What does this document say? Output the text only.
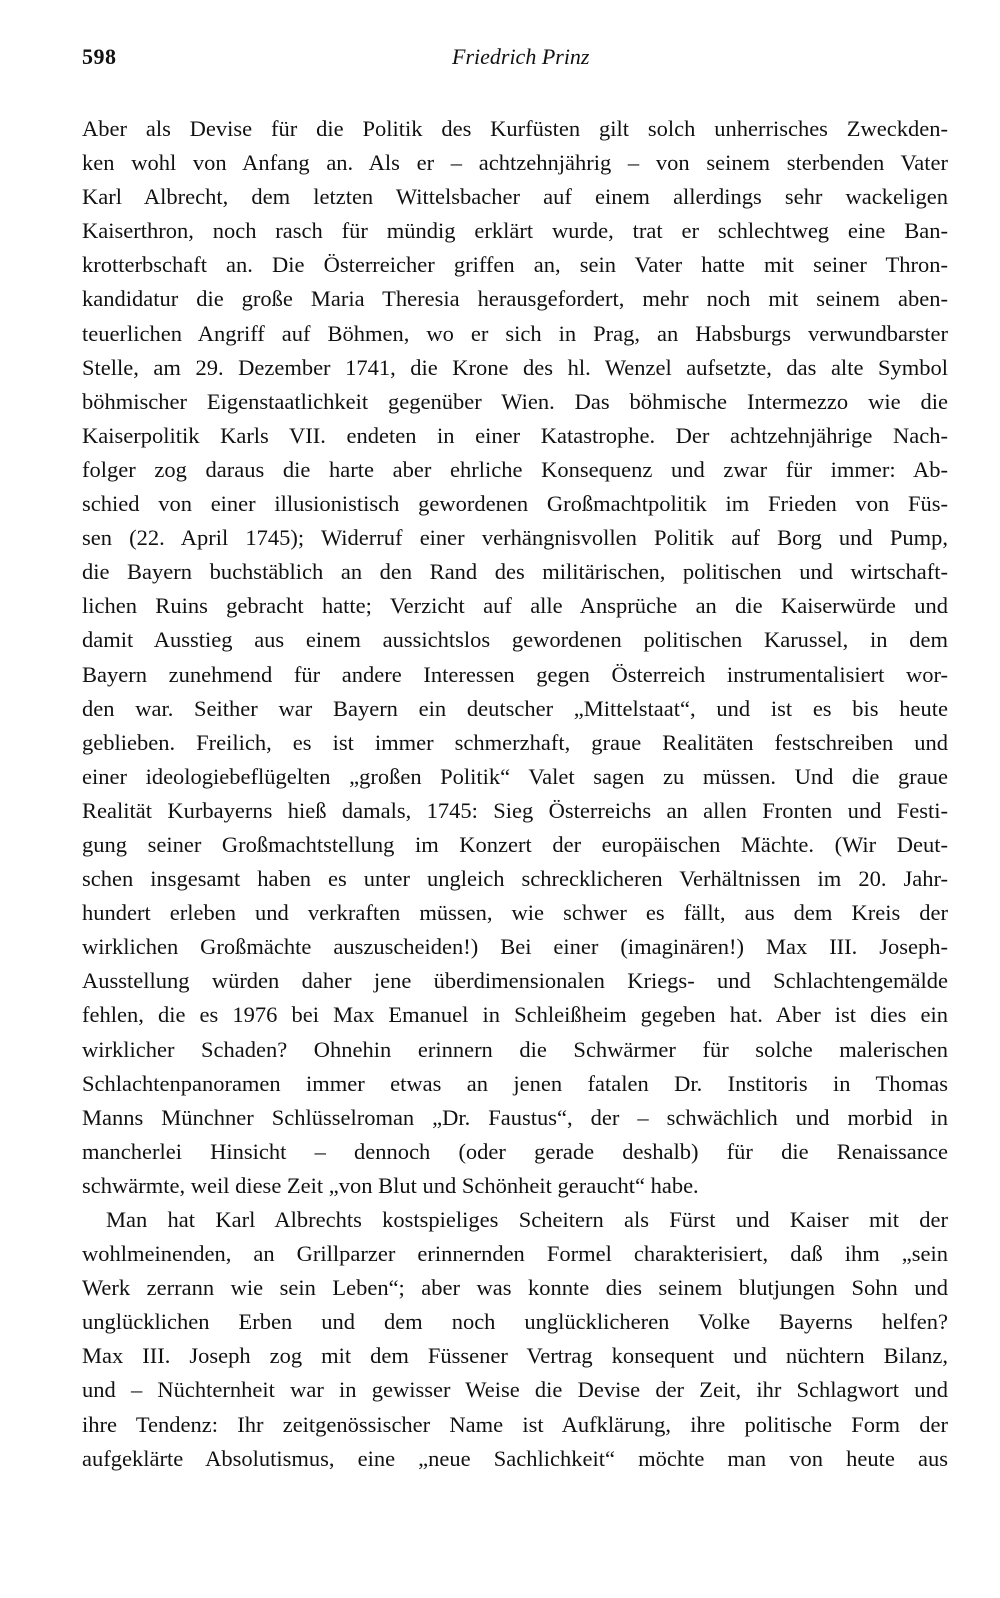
598	Friedrich Prinz
Aber als Devise für die Politik des Kurfüsten gilt solch unherrisches Zweckden-
ken wohl von Anfang an. Als er – achtzehnjährig – von seinem sterbenden Vater
Karl Albrecht, dem letzten Wittelsbacher auf einem allerdings sehr wackeligen
Kaiserthron, noch rasch für mündig erklärt wurde, trat er schlechtweg eine Ban-
krotterbschaft an. Die Österreicher griffen an, sein Vater hatte mit seiner Thron-
kandidatur die große Maria Theresia herausgefordert, mehr noch mit seinem aben-
teuerlichen Angriff auf Böhmen, wo er sich in Prag, an Habsburgs verwundbarster
Stelle, am 29. Dezember 1741, die Krone des hl. Wenzel aufsetzte, das alte Symbol
böhmischer Eigenstaatlichkeit gegenüber Wien. Das böhmische Intermezzo wie die
Kaiserpolitik Karls VII. endeten in einer Katastrophe. Der achtzehnjährige Nach-
folger zog daraus die harte aber ehrliche Konsequenz und zwar für immer: Ab-
schied von einer illusionistisch gewordenen Großmachtpolitik im Frieden von Füs-
sen (22. April 1745); Widerruf einer verhängnisvollen Politik auf Borg und Pump,
die Bayern buchstäblich an den Rand des militärischen, politischen und wirtschaft-
lichen Ruins gebracht hatte; Verzicht auf alle Ansprüche an die Kaiserwürde und
damit Ausstieg aus einem aussichtslos gewordenen politischen Karussel, in dem
Bayern zunehmend für andere Interessen gegen Österreich instrumentalisiert wor-
den war. Seither war Bayern ein deutscher „Mittelstaat“, und ist es bis heute
geblieben. Freilich, es ist immer schmerzhaft, graue Realitäten festschreiben und
einer ideologiebeflügelten „großen Politik“ Valet sagen zu müssen. Und die graue
Realität Kurbayerns hieß damals, 1745: Sieg Österreichs an allen Fronten und Festi-
gung seiner Großmachtstellung im Konzert der europäischen Mächte. (Wir Deut-
schen insgesamt haben es unter ungleich schrecklicheren Verhältnissen im 20. Jahr-
hundert erleben und verkraften müssen, wie schwer es fällt, aus dem Kreis der
wirklichen Großmächte auszuscheiden!) Bei einer (imaginären!) Max III. Joseph-
Ausstellung würden daher jene überdimensionalen Kriegs- und Schlachtengemälde
fehlen, die es 1976 bei Max Emanuel in Schleißheim gegeben hat. Aber ist dies ein
wirklicher Schaden? Ohnehin erinnern die Schwärmer für solche malerischen
Schlachtenpanoramen immer etwas an jenen fatalen Dr. Institoris in Thomas
Manns Münchner Schlüsselroman „Dr. Faustus“, der – schwächlich und morbid in
mancherlei Hinsicht – dennoch (oder gerade deshalb) für die Renaissance
schwärmte, weil diese Zeit „von Blut und Schönheit geraucht“ habe.
Man hat Karl Albrechts kostspieliges Scheitern als Fürst und Kaiser mit der
wohlmeinenden, an Grillparzer erinnernden Formel charakterisiert, daß ihm „sein
Werk zerrann wie sein Leben“; aber was konnte dies seinem blutjungen Sohn und
unglücklichen Erben und dem noch unglücklicheren Volke Bayerns helfen?
Max III. Joseph zog mit dem Füssener Vertrag konsequent und nüchtern Bilanz,
und – Nüchternheit war in gewisser Weise die Devise der Zeit, ihr Schlagwort und
ihre Tendenz: Ihr zeitgenössischer Name ist Aufklärung, ihre politische Form der
aufgeklärte Absolutismus, eine „neue Sachlichkeit“ möchte man von heute aus
